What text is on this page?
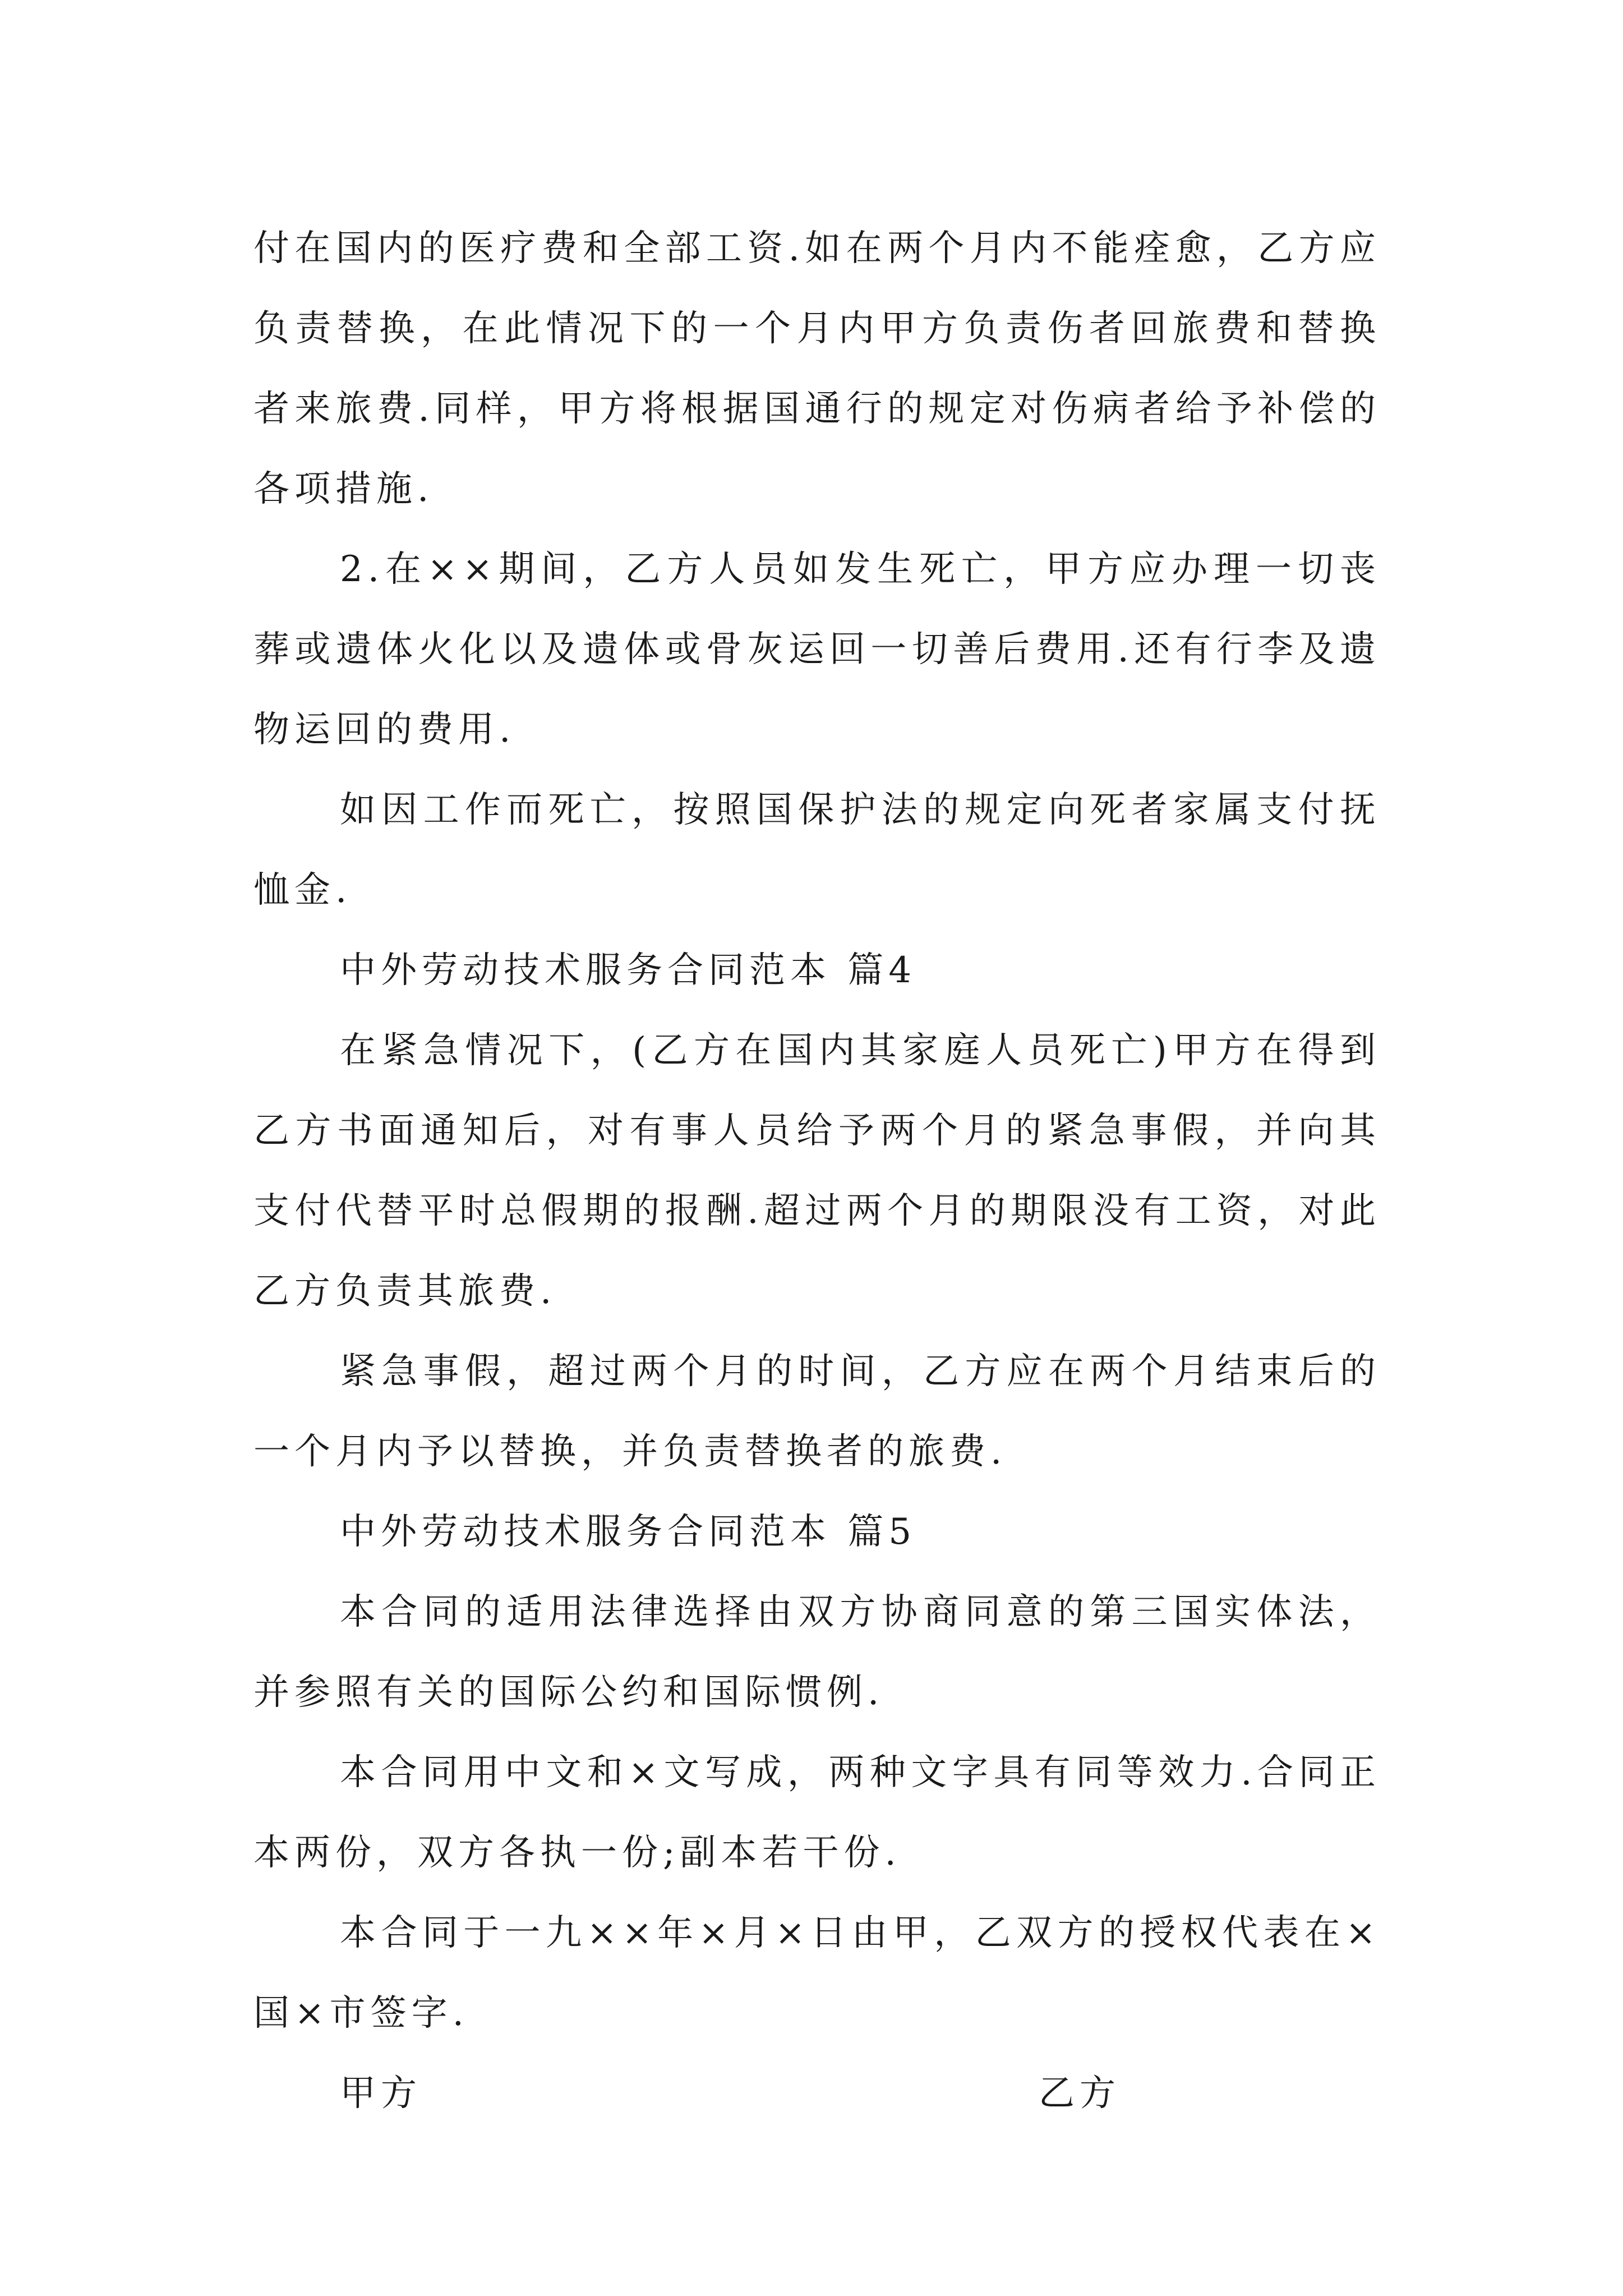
付在国内的医疗费和全部工资.如在两个月内不能痊愈，乙方应负责替换，在此情况下的一个月内甲方负责伤者回旅费和替换者来旅费.同样，甲方将根据国通行的规定对伤病者给予补偿的各项措施.

2.在××期间，乙方人员如发生死亡，甲方应办理一切丧葬或遗体火化以及遗体或骨灰运回一切善后费用.还有行李及遗物运回的费用.

如因工作而死亡，按照国保护法的规定向死者家属支付抚恤金.

中外劳动技术服务合同范本 篇4

在紧急情况下，(乙方在国内其家庭人员死亡)甲方在得到乙方书面通知后，对有事人员给予两个月的紧急事假，并向其支付代替平时总假期的报酬.超过两个月的期限没有工资，对此乙方负责其旅费.

紧急事假，超过两个月的时间，乙方应在两个月结束后的一个月内予以替换，并负责替换者的旅费.

中外劳动技术服务合同范本 篇5

本合同的适用法律选择由双方协商同意的第三国实体法，并参照有关的国际公约和国际惯例.

本合同用中文和×文写成，两种文字具有同等效力.合同正本两份，双方各执一份;副本若干份.

本合同于一九××年×月×日由甲，乙双方的授权代表在×国×市签字.

甲方	乙方
